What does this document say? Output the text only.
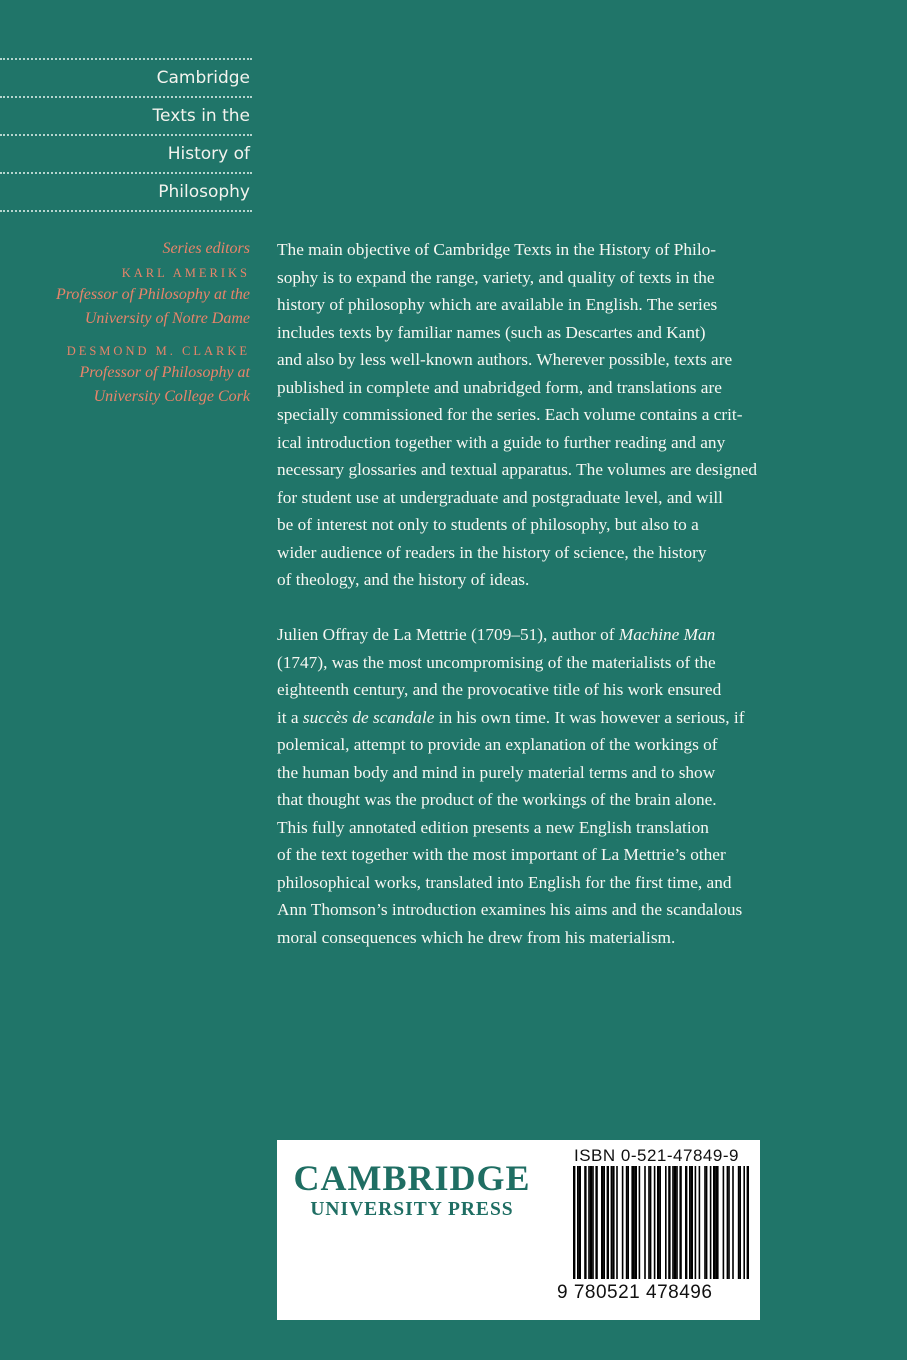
Cambridge
Texts in the
History of
Philosophy
Series editors
KARL AMERIKS
Professor of Philosophy at the
University of Notre Dame
DESMOND M. CLARKE
Professor of Philosophy at
University College Cork
The main objective of Cambridge Texts in the History of Philo-
sophy is to expand the range, variety, and quality of texts in the
history of philosophy which are available in English. The series
includes texts by familiar names (such as Descartes and Kant)
and also by less well-known authors. Wherever possible, texts are
published in complete and unabridged form, and translations are
specially commissioned for the series. Each volume contains a crit-
ical introduction together with a guide to further reading and any
necessary glossaries and textual apparatus. The volumes are designed
for student use at undergraduate and postgraduate level, and will
be of interest not only to students of philosophy, but also to a
wider audience of readers in the history of science, the history
of theology, and the history of ideas.
Julien Offray de La Mettrie (1709–51), author of Machine Man
(1747), was the most uncompromising of the materialists of the
eighteenth century, and the provocative title of his work ensured
it a succès de scandale in his own time. It was however a serious, if
polemical, attempt to provide an explanation of the workings of
the human body and mind in purely material terms and to show
that thought was the product of the workings of the brain alone.
This fully annotated edition presents a new English translation
of the text together with the most important of La Mettrie’s other
philosophical works, translated into English for the first time, and
Ann Thomson’s introduction examines his aims and the scandalous
moral consequences which he drew from his materialism.
CAMBRIDGE
UNIVERSITY PRESS
ISBN 0-521-47849-9
9 780521 478496
